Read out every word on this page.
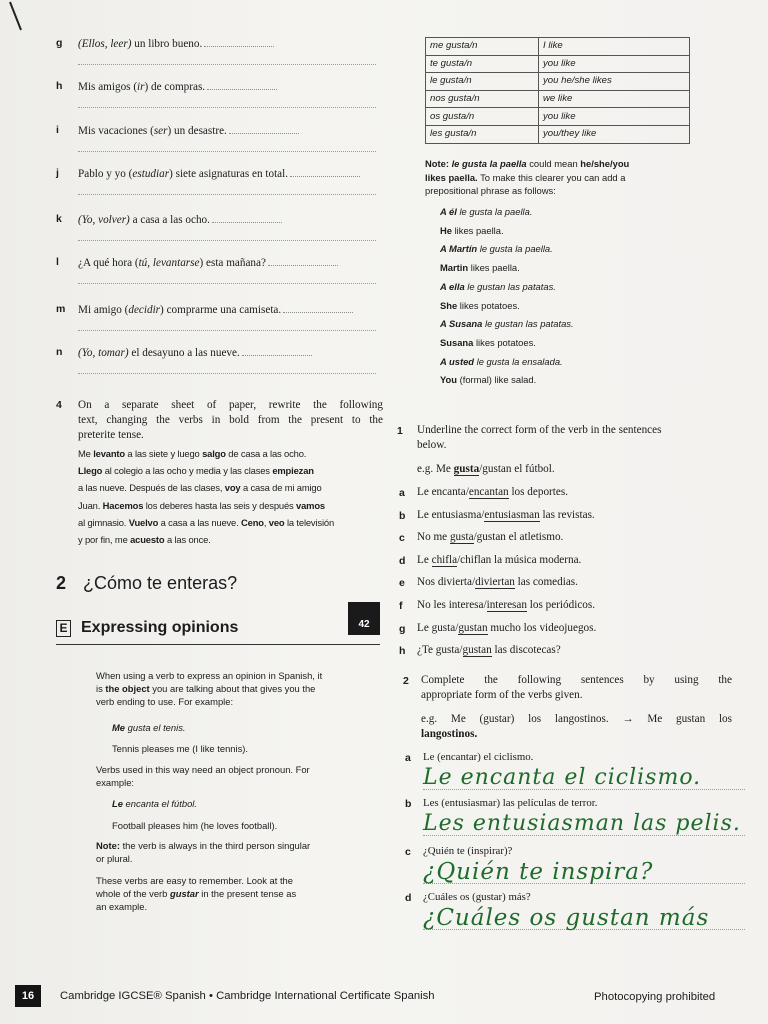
g (Ellos, leer) un libro bueno.
h Mis amigos (ir) de compras.
i Mis vacaciones (ser) un desastre.
j Pablo y yo (estudiar) siete asignaturas en total.
k (Yo, volver) a casa a las ocho.
l ¿A qué hora (tú, levantarse) esta mañana?
m Mi amigo (decidir) comprarme una camiseta.
n (Yo, tomar) el desayuno a las nueve.
4 On a separate sheet of paper, rewrite the following
text, changing the verbs in bold from the present to the
preterite tense.
Me levanto a las siete y luego salgo de casa a las ocho.
Llego al colegio a las ocho y media y las clases empiezan
a las nueve. Después de las clases, voy a casa de mi amigo
Juan. Hacemos los deberes hasta las seis y después vamos
al gimnasio. Vuelvo a casa a las nueve. Ceno, veo la televisión
y por fin, me acuesto a las once.
2 ¿Cómo te enteras?
E Expressing opinions	42
When using a verb to express an opinion in Spanish, it
is the object you are talking about that gives you the
verb ending to use. For example:
Me gusta el tenis.
Tennis pleases me (I like tennis).
Verbs used in this way need an object pronoun. For
example:
Le encanta el fútbol.
Football pleases him (he loves football).
Note: the verb is always in the third person singular
or plural.
These verbs are easy to remember. Look at the
whole of the verb gustar in the present tense as
an example.
me gusta/n	I like
te gusta/n	you like
le gusta/n	you he/she likes
nos gusta/n	we like
os gusta/n	you like
les gusta/n	you/they like
Note: le gusta la paella could mean he/she/you
likes paella. To make this clearer you can add a
prepositional phrase as follows:
A él le gusta la paella.
He likes paella.
A Martín le gusta la paella.
Martin likes paella.
A ella le gustan las patatas.
She likes potatoes.
A Susana le gustan las patatas.
Susana likes potatoes.
A usted le gusta la ensalada.
You (formal) like salad.
1 Underline the correct form of the verb in the sentences
below.
e.g. Me gusta/gustan el fútbol.
a Le encanta/encantan los deportes.
b Le entusiasma/entusiasman las revistas.
c No me gusta/gustan el atletismo.
d Le chifla/chiflan la música moderna.
e Nos divierta/diviertan las comedias.
f No les interesa/interesan los periódicos.
g Le gusta/gustan mucho los videojuegos.
h ¿Te gusta/gustan las discotecas?
2 Complete the following sentences by using the
appropriate form of the verbs given.
e.g. Me (gustar) los langostinos. → Me gustan los
langostinos.
a Le (encantar) el ciclismo.
Le encanta el ciclismo.
b Les (entusiasmar) las películas de terror.
Les entusiasman las pelis.
c ¿Quién te (inspirar)?
¿Quién te inspira?
d ¿Cuáles os (gustar) más?
¿Cuáles os gustan más
16	Cambridge IGCSE® Spanish • Cambridge International Certificate Spanish	Photocopying prohibited
